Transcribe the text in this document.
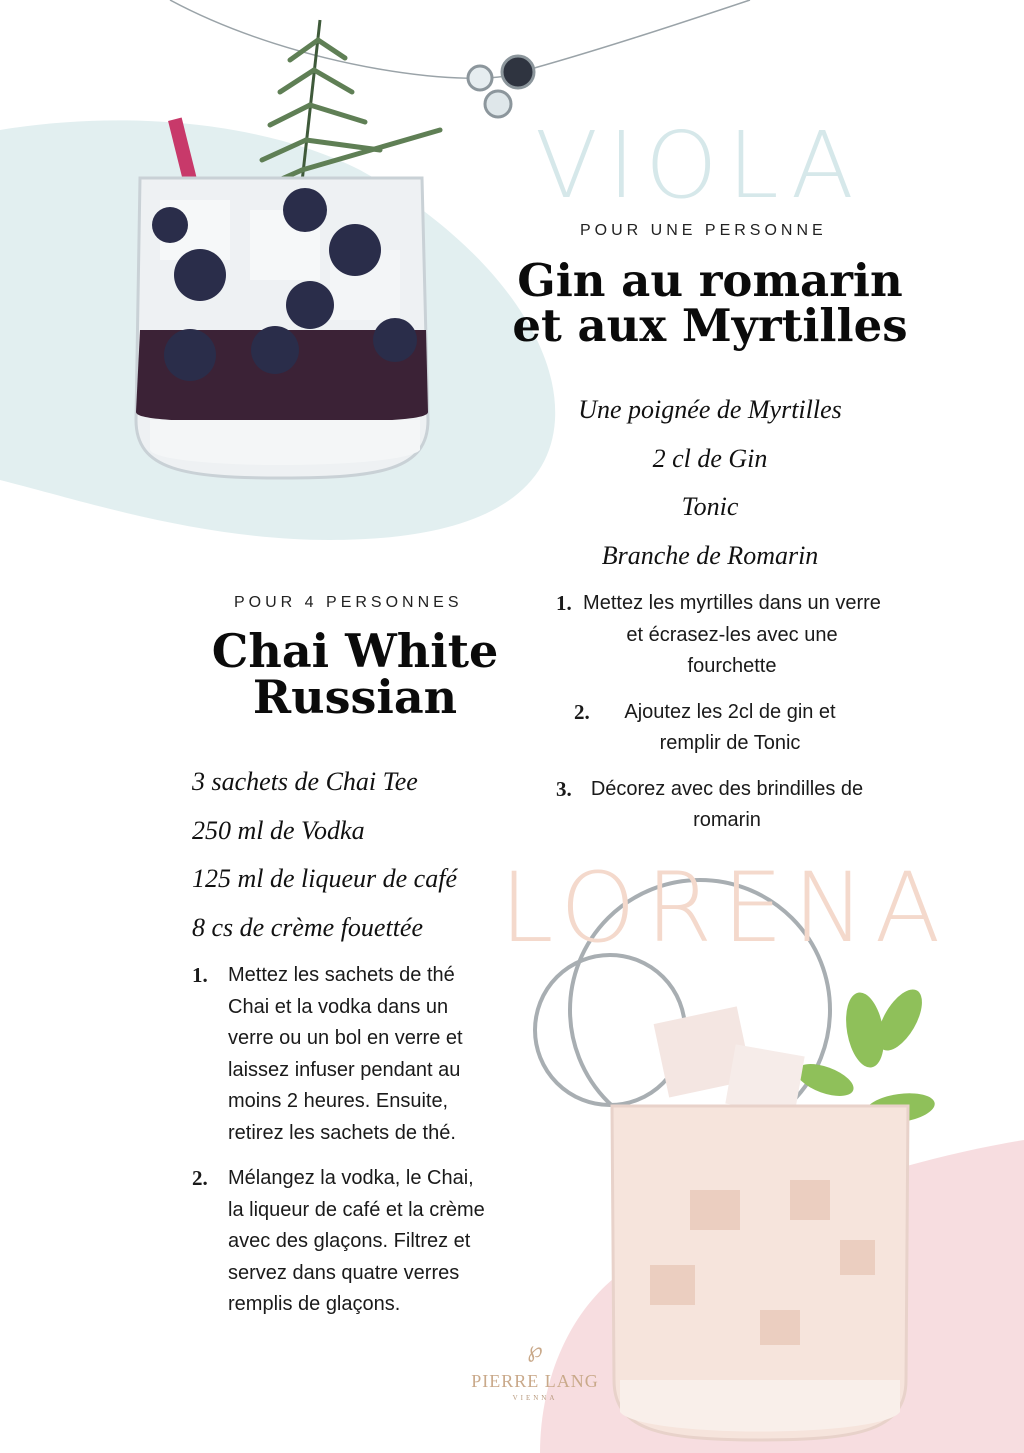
VIOLA
POUR UNE PERSONNE
Gin au romarin
et aux Myrtilles
Une poignée de Myrtilles
2 cl de Gin
Tonic
Branche de Romarin
1. Mettez les myrtilles dans un verre et écrasez-les avec une fourchette
2.	Ajoutez les 2cl de gin et remplir de Tonic
3. Décorez avec des brindilles de romarin
LORENA
POUR 4 PERSONNES
Chai White
Russian
3 sachets de Chai Tee
250 ml de Vodka
125 ml de liqueur de café
8 cs de crème fouettée
1.	Mettez les sachets de thé Chai et la vodka dans un verre ou un bol en verre et laissez infuser pendant au moins 2 heures. Ensuite, retirez les sachets de thé.
2.	Mélangez la vodka, le Chai, la liqueur de café et la crème avec des glaçons. Filtrez et servez dans quatre verres remplis de glaçons.
℘
PIERRE LANG
VIENNA
